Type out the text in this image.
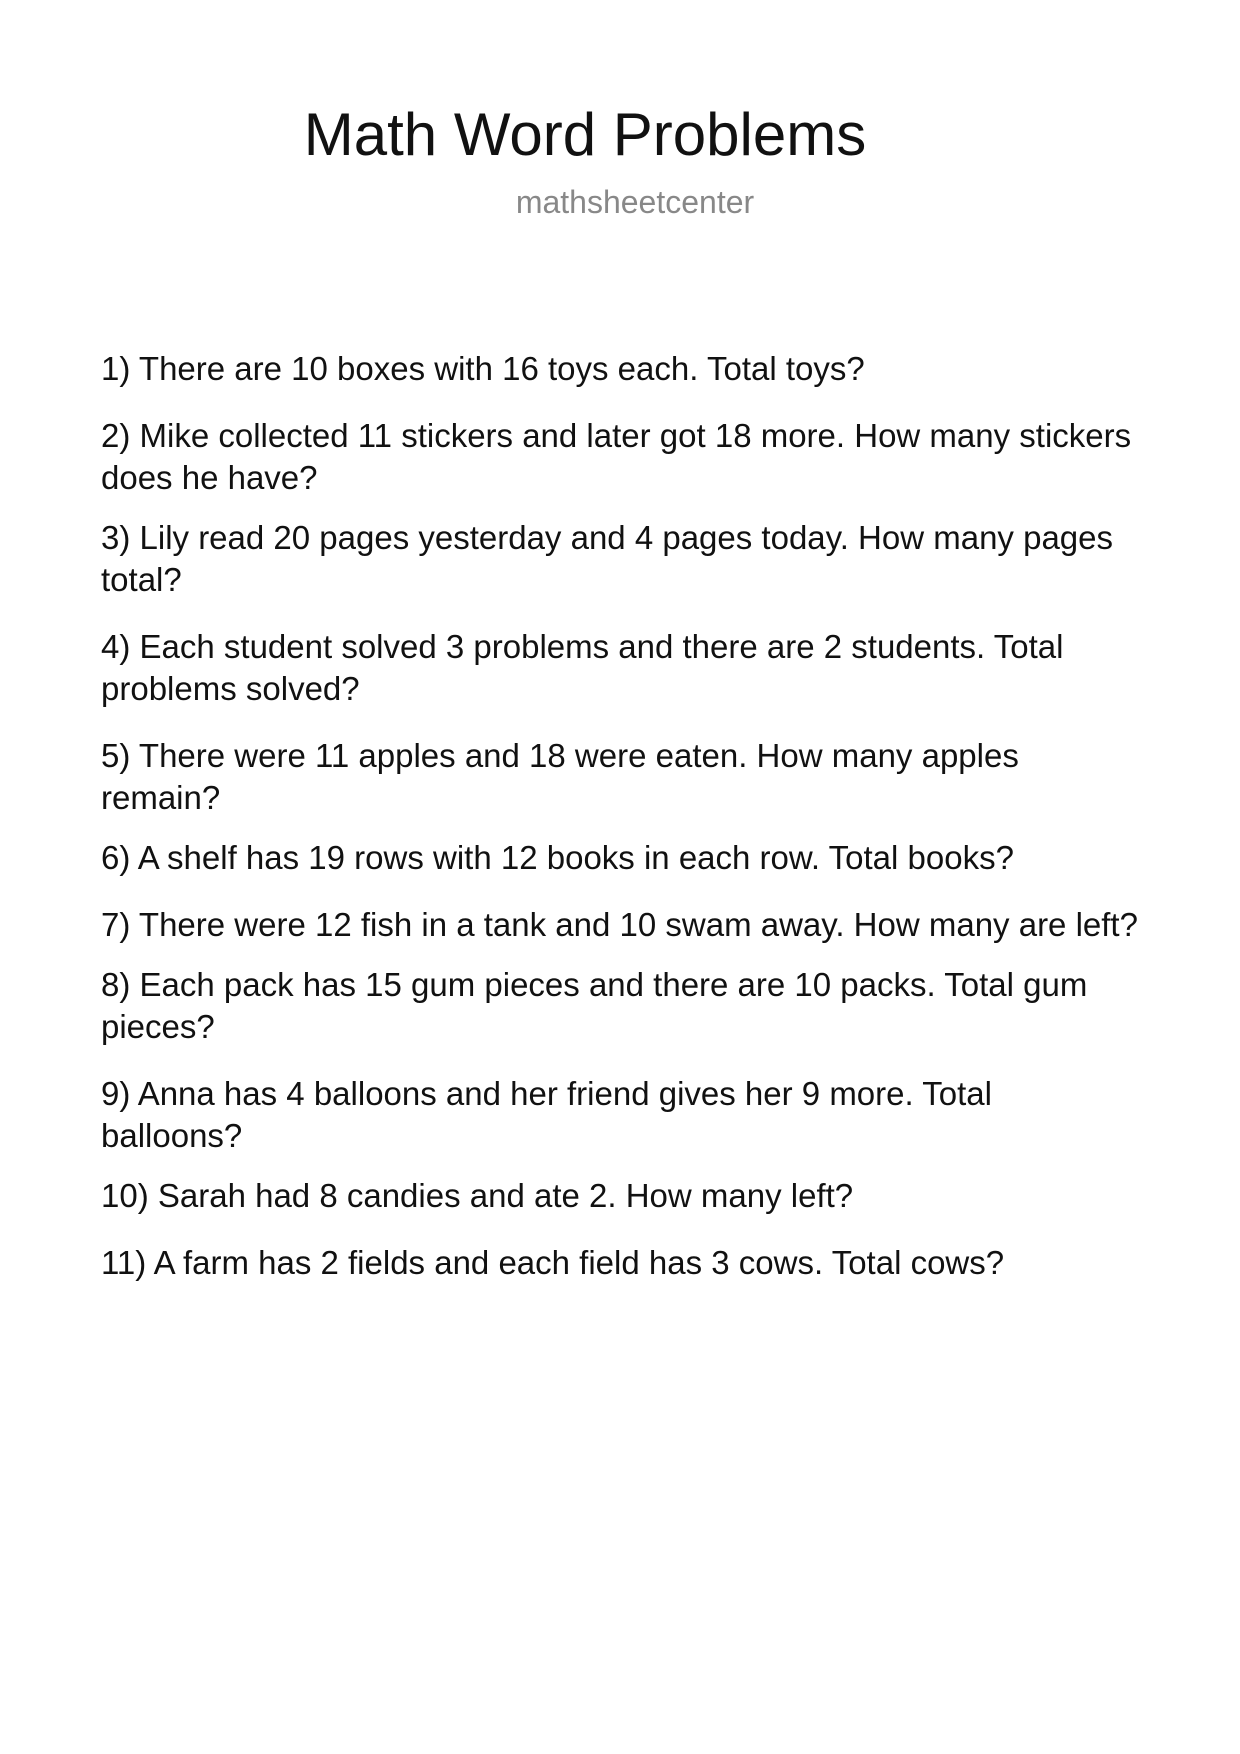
Math Word Problems
mathsheetcenter
1) There are 10 boxes with 16 toys each. Total toys?
2) Mike collected 11 stickers and later got 18 more. How many stickers does he have?
3) Lily read 20 pages yesterday and 4 pages today. How many pages total?
4) Each student solved 3 problems and there are 2 students. Total problems solved?
5) There were 11 apples and 18 were eaten. How many apples remain?
6) A shelf has 19 rows with 12 books in each row. Total books?
7) There were 12 fish in a tank and 10 swam away. How many are left?
8) Each pack has 15 gum pieces and there are 10 packs. Total gum pieces?
9) Anna has 4 balloons and her friend gives her 9 more. Total balloons?
10) Sarah had 8 candies and ate 2. How many left?
11) A farm has 2 fields and each field has 3 cows. Total cows?
